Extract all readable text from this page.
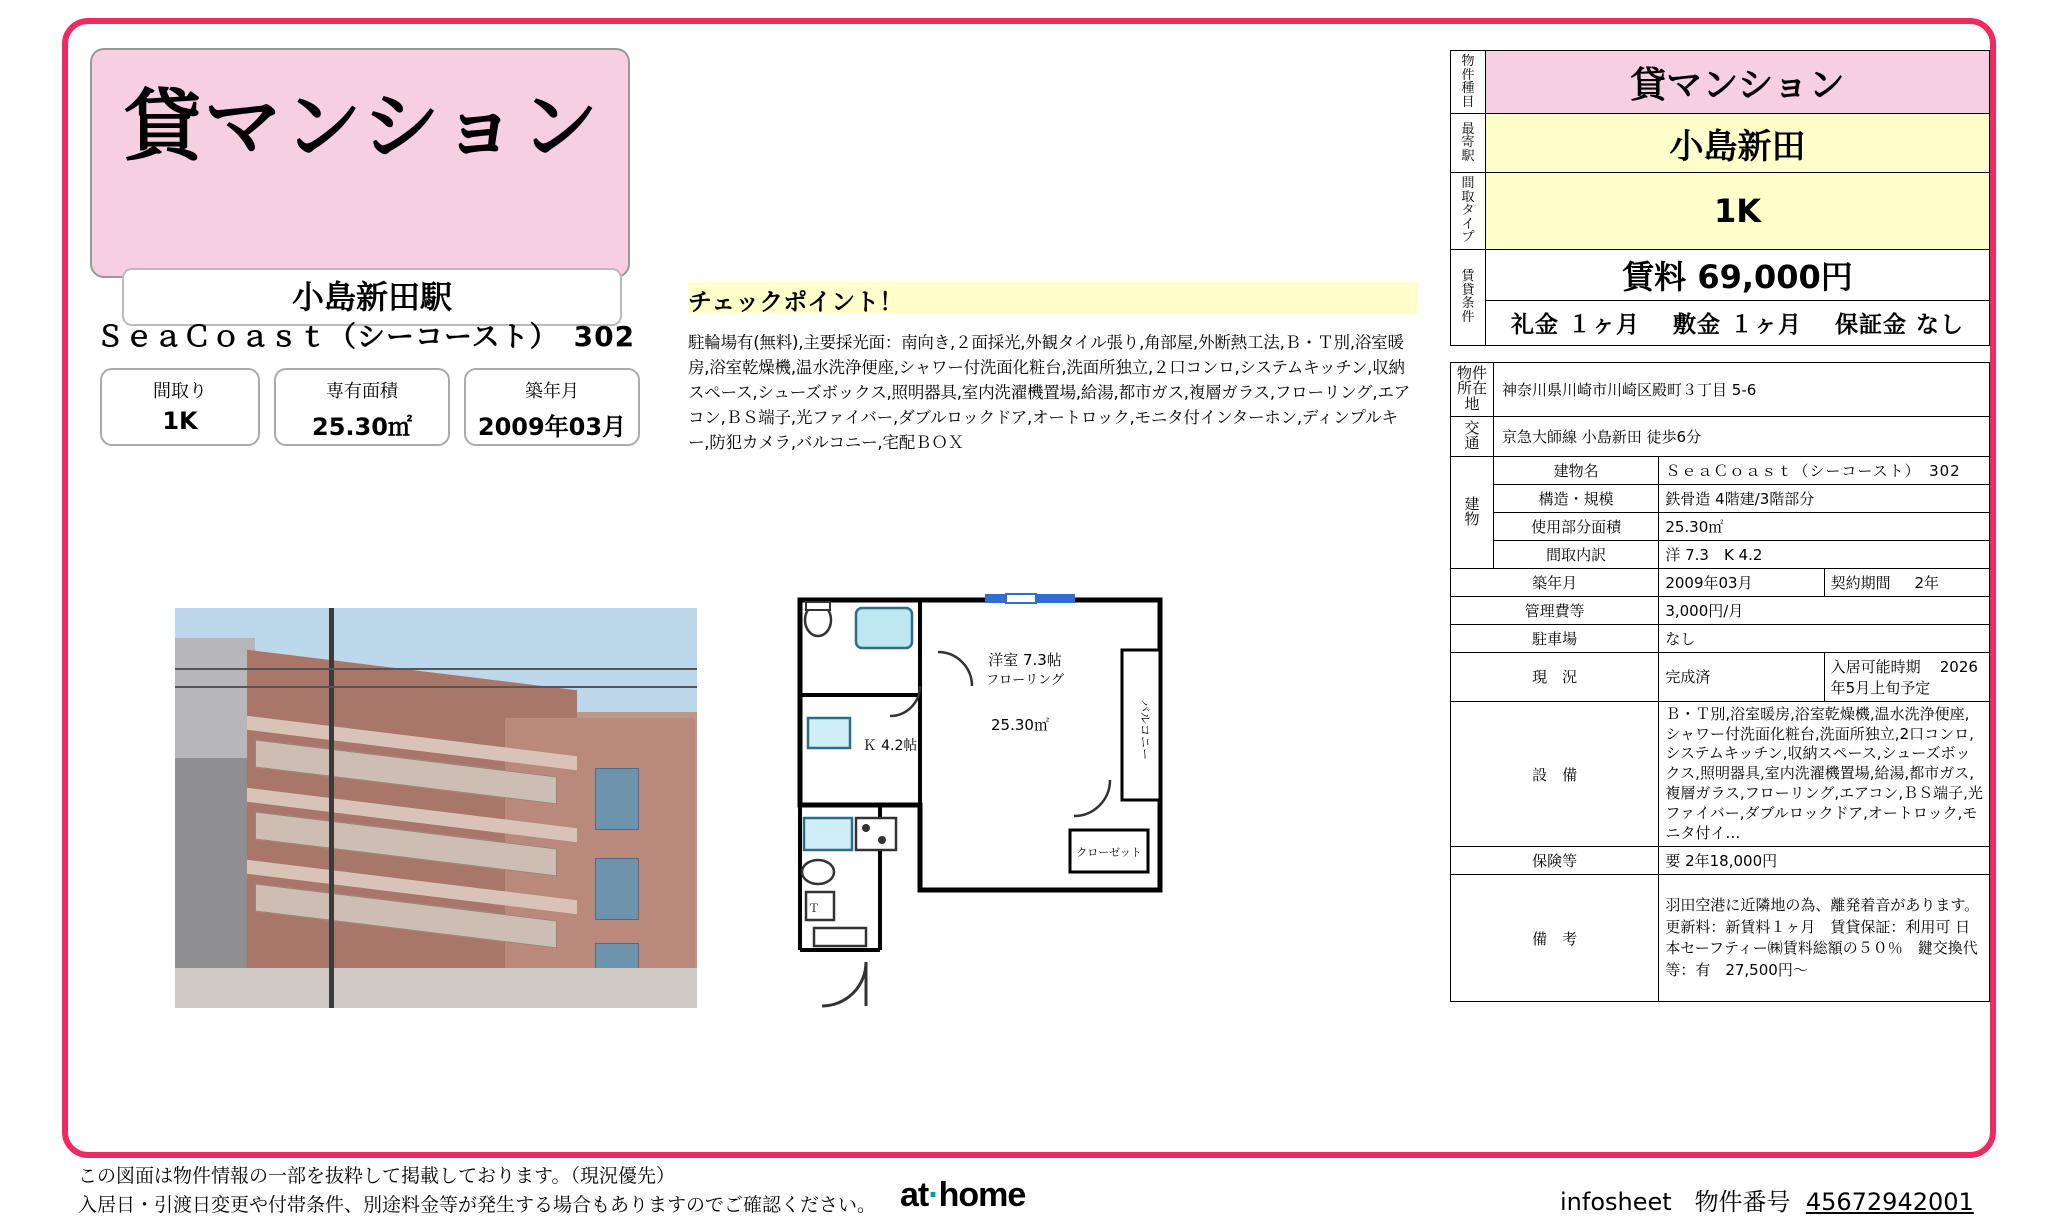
貸マンション
小島新田駅
ＳｅａＣｏａｓｔ（シーコースト）　302
間取り
1K
専有面積
25.30㎡
築年月
2009年03月
チェックポイント！
駐輪場有(無料),主要採光面：南向き,２面採光,外観タイル張り,角部屋,外断熱工法,Ｂ・Ｔ別,浴室暖房,浴室乾燥機,温水洗浄便座,シャワー付洗面化粧台,洗面所独立,２口コンロ,システムキッチン,収納スペース,シューズボックス,照明器具,室内洗濯機置場,給湯,都市ガス,複層ガラス,フローリング,エアコン,ＢＳ端子,光ファイバー,ダブルロックドア,オートロック,モニタ付インターホン,ディンプルキー,防犯カメラ,バルコニー,宅配ＢＯＸ
洋室 7.3帖
フローリング
25.30㎡
Ｋ 4.2帖	バルコニー
クローゼット
Ｔ
物
件
種
目	貸マンション

最
寄
駅	小島新田

間
取
タ
イ
プ	1K

賃
貸
条
件	賃料 69,000円
	礼金 １ヶ月　 敷金 １ヶ月　 保証金 なし
物件所在地	神奈川県川崎市川崎区殿町３丁目 5-6		
交通	京急大師線 小島新田 徒歩6分		
建物	建物名	ＳｅａＣｏａｓｔ（シーコースト）　302	
	構造・規模	鉄骨造 4階建/3階部分	
	使用部分面積	25.30㎡	
	間取内訳	洋 7.3　K 4.2	
築年月		2009年03月	契約期間 2年
管理費等		3,000円/月	
駐車場		なし	
現　況		完成済	入居可能時期 2026年5月上旬予定
設　備		Ｂ・Ｔ別,浴室暖房,浴室乾燥機,温水洗浄便座,シャワー付洗面化粧台,洗面所独立,2口コンロ,システムキッチン,収納スペース,シューズボックス,照明器具,室内洗濯機置場,給湯,都市ガス,複層ガラス,フローリング,エアコン,ＢＳ端子,光ファイバー,ダブルロックドア,オートロック,モニタ付イ…	
保険等		要 2年18,000円	
備　考		羽田空港に近隣地の為、離発着音があります。　　更新料：新賃料１ヶ月　賃貸保証：利用可 日本セーフティー㈱賃料総額の５０％　鍵交換代等：有　27,500円～	
この図面は物件情報の一部を抜粋して掲載しております。（現況優先）
入居日・引渡日変更や付帯条件、別途料金等が発生する場合もありますのでご確認ください。 at·home	infosheet 物件番号 45672942001
